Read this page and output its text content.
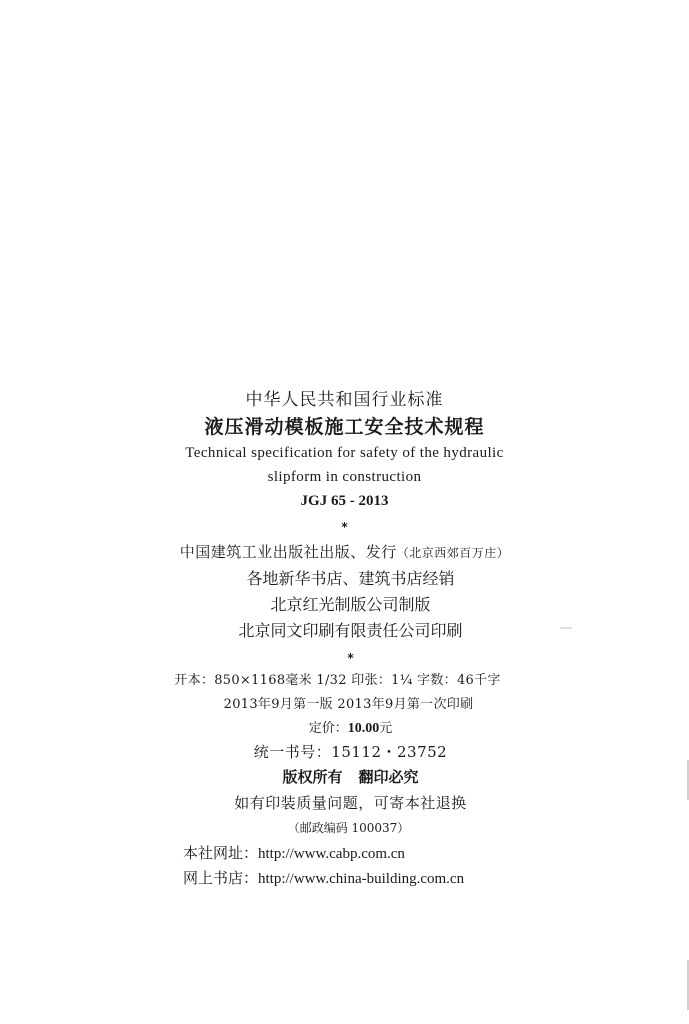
中华人民共和国行业标准
液压滑动模板施工安全技术规程
Technical specification for safety of the hydraulic
slipform in construction
JGJ 65 - 2013
*
中国建筑工业出版社出版、发行（北京西郊百万庄）
各地新华书店、建筑书店经销
北京红光制版公司制版
北京同文印刷有限责任公司印刷
*
开本：850×1168毫米 1/32 印张：1¼ 字数：46千字
2013年9月第一版 2013年9月第一次印刷
定价：10.00元
统一书号：15112・23752
版权所有 翻印必究
如有印装质量问题，可寄本社退换
（邮政编码 100037）
本社网址：http://www.cabp.com.cn
网上书店：http://www.china-building.com.cn
